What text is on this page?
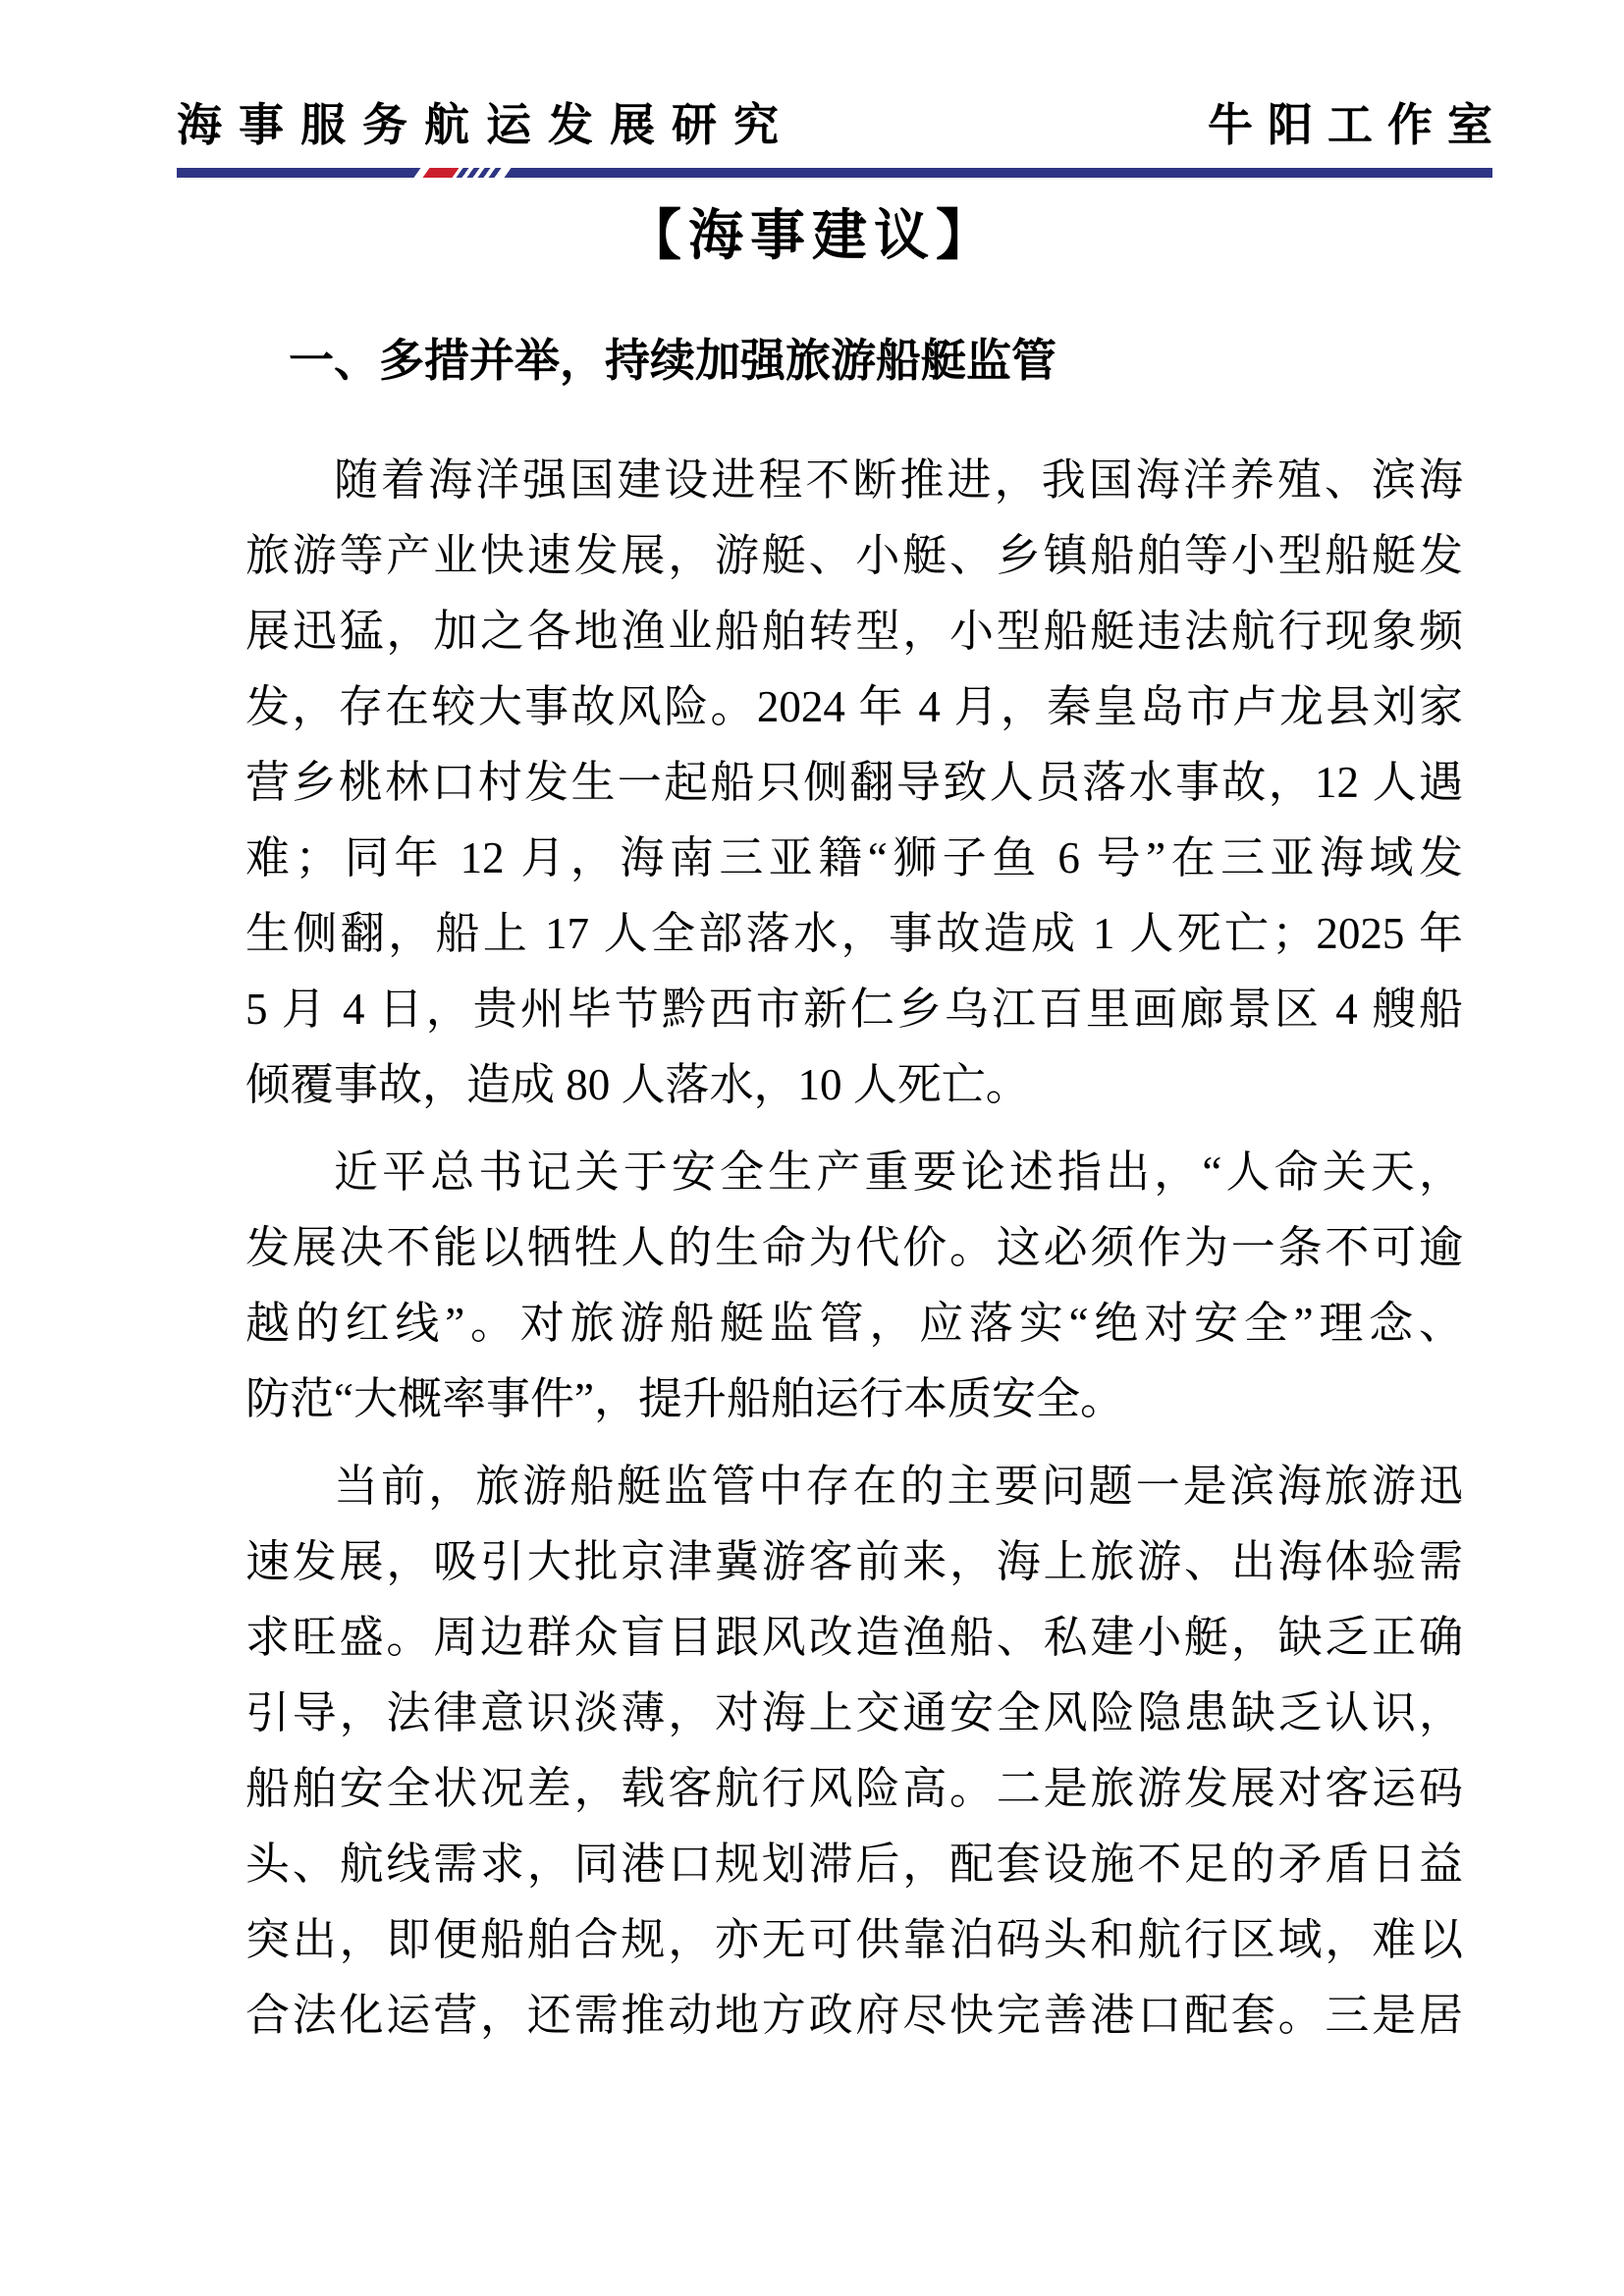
海事服务航运发展研究	牛阳工作室
【海事建议】
一、多措并举，持续加强旅游船艇监管
随着海洋强国建设进程不断推进，我国海洋养殖、滨海
旅游等产业快速发展，游艇、小艇、乡镇船舶等小型船艇发
展迅猛，加之各地渔业船舶转型，小型船艇违法航行现象频
发，存在较大事故风险。2024 年 4 月，秦皇岛市卢龙县刘家
营乡桃林口村发生一起船只侧翻导致人员落水事故，12 人遇
难；同年 12 月，海南三亚籍“狮子鱼 6 号”在三亚海域发
生侧翻，船上 17 人全部落水，事故造成 1 人死亡；2025 年
5 月 4 日，贵州毕节黔西市新仁乡乌江百里画廊景区 4 艘船
倾覆事故，造成 80 人落水，10 人死亡。
近平总书记关于安全生产重要论述指出，“人命关天，
发展决不能以牺牲人的生命为代价。这必须作为一条不可逾
越的红线”。对旅游船艇监管，应落实“绝对安全”理念、
防范“大概率事件”，提升船舶运行本质安全。
当前，旅游船艇监管中存在的主要问题一是滨海旅游迅
速发展，吸引大批京津冀游客前来，海上旅游、出海体验需
求旺盛。周边群众盲目跟风改造渔船、私建小艇，缺乏正确
引导，法律意识淡薄，对海上交通安全风险隐患缺乏认识，
船舶安全状况差，载客航行风险高。二是旅游发展对客运码
头、航线需求，同港口规划滞后，配套设施不足的矛盾日益
突出，即便船舶合规，亦无可供靠泊码头和航行区域，难以
合法化运营，还需推动地方政府尽快完善港口配套。三是居
